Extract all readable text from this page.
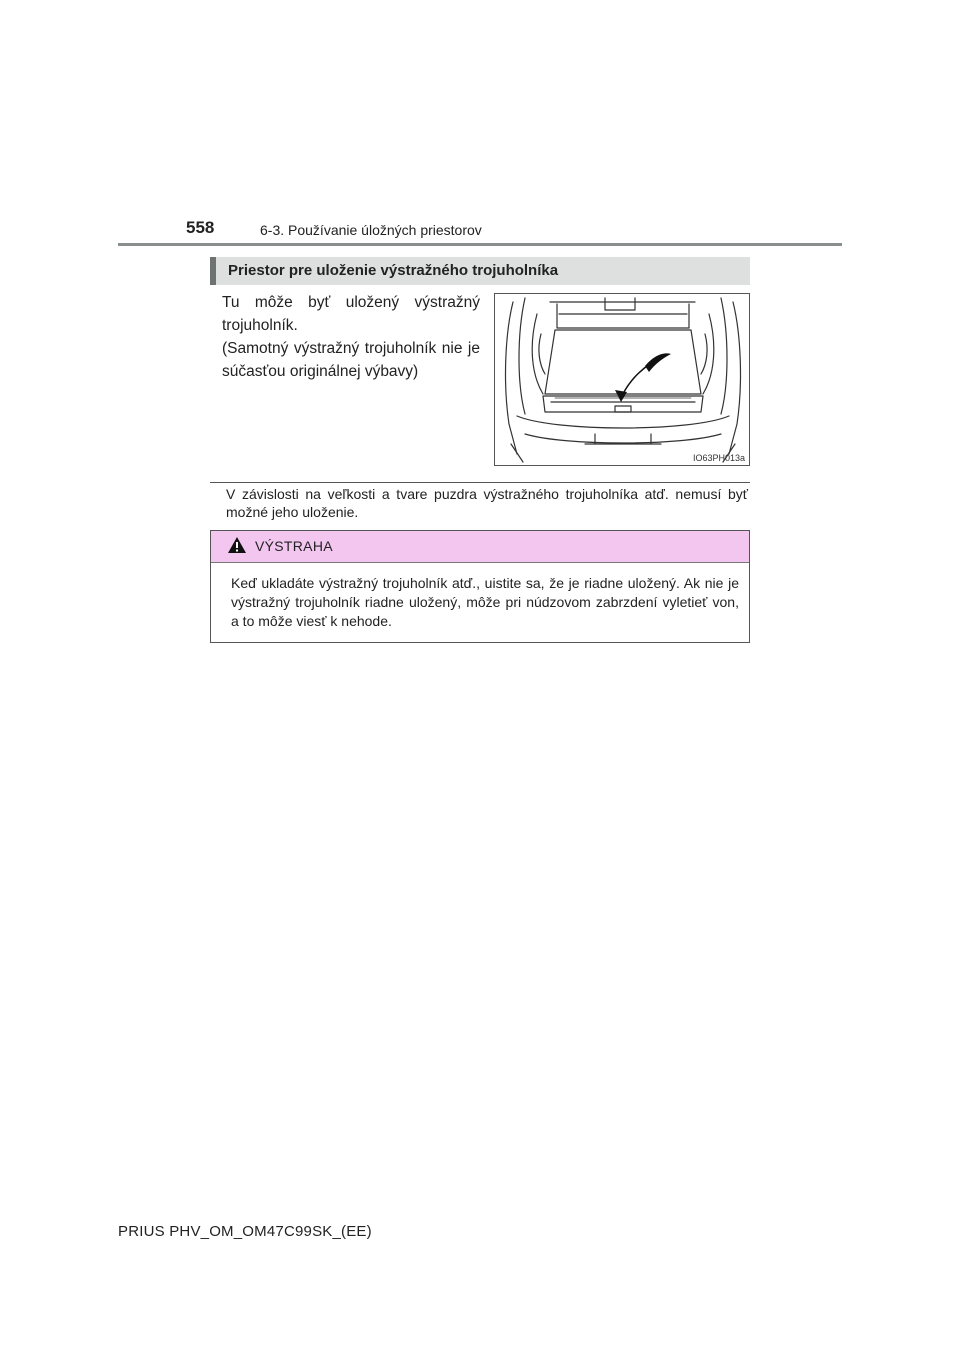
558	6-3. Používanie úložných priestorov
Priestor pre uloženie výstražného trojuholníka

Tu môže byť uložený výstražný trojuholník.

(Samotný výstražný trojuholník nie je súčasťou originálnej výbavy)

IO63PH013a
V závislosti na veľkosti a tvare puzdra výstražného trojuholníka atď. nemusí byť možné jeho uloženie.
VÝSTRAHA
Keď ukladáte výstražný trojuholník atď., uistite sa, že je riadne uložený. Ak nie je výstražný trojuholník riadne uložený, môže pri núdzovom zabrzdení vyletieť von, a to môže viesť k nehode.
PRIUS PHV_OM_OM47C99SK_(EE)
